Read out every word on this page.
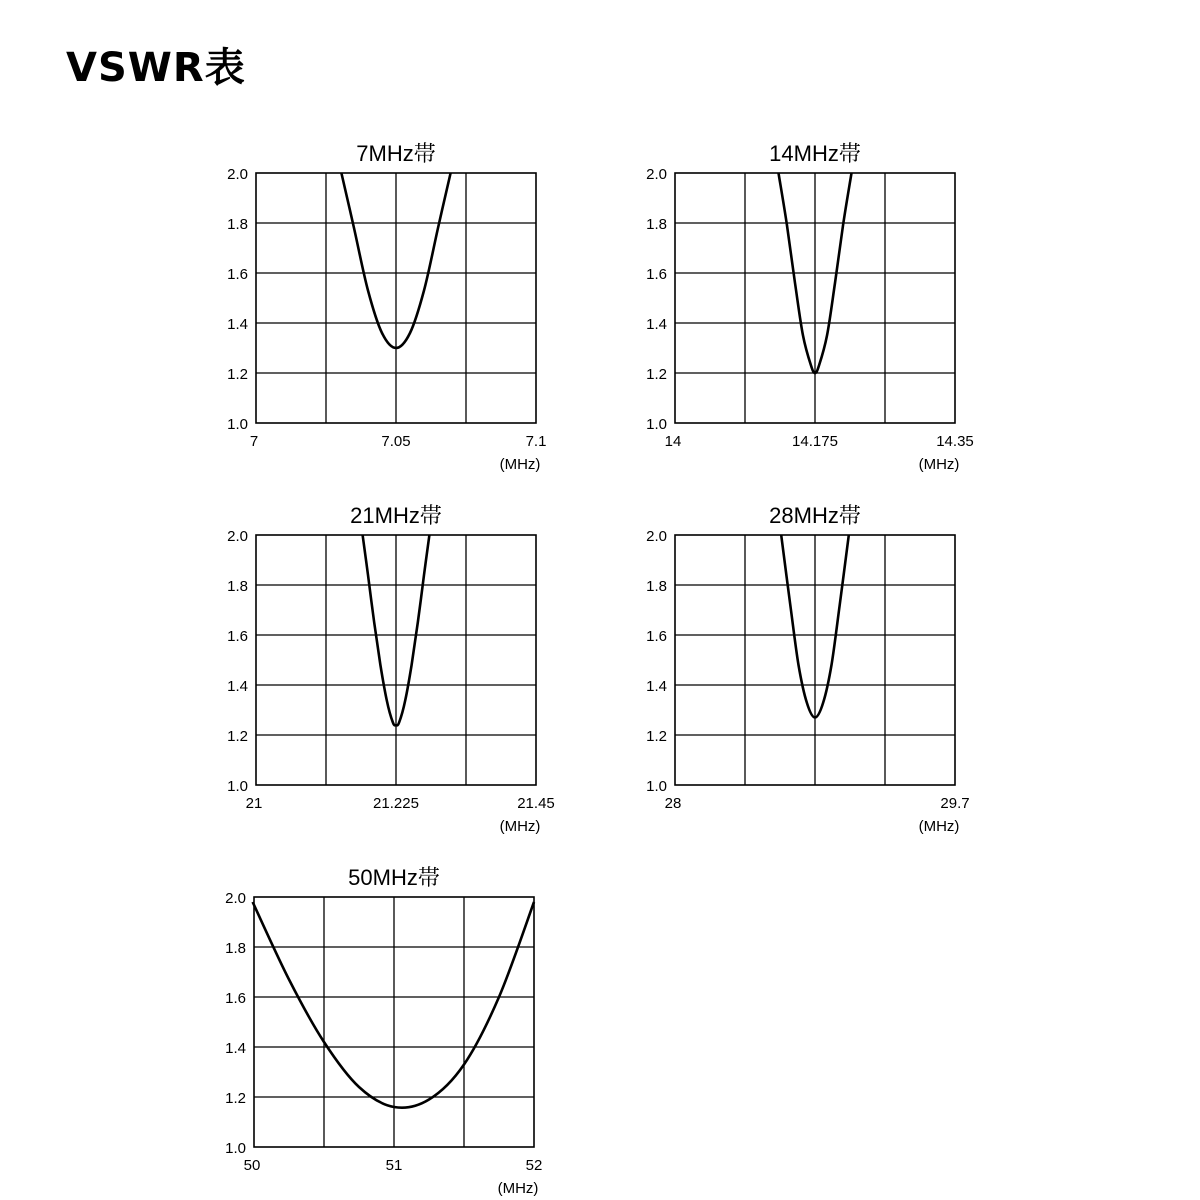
VSWR表
7MHz帯
2.0
1.8
1.6
1.4
1.2
1.0
7	7.05	7.1
(MHz)
14MHz帯
2.0
1.8
1.6
1.4
1.2
1.0
14	14.175	14.35
(MHz)
21MHz帯
2.0
1.8
1.6
1.4
1.2
1.0
21	21.225	21.45
(MHz)
28MHz帯
2.0
1.8
1.6
1.4
1.2
1.0
28	29.7
(MHz)
50MHz帯
2.0
1.8
1.6
1.4
1.2
1.0
50	51	52
(MHz)
